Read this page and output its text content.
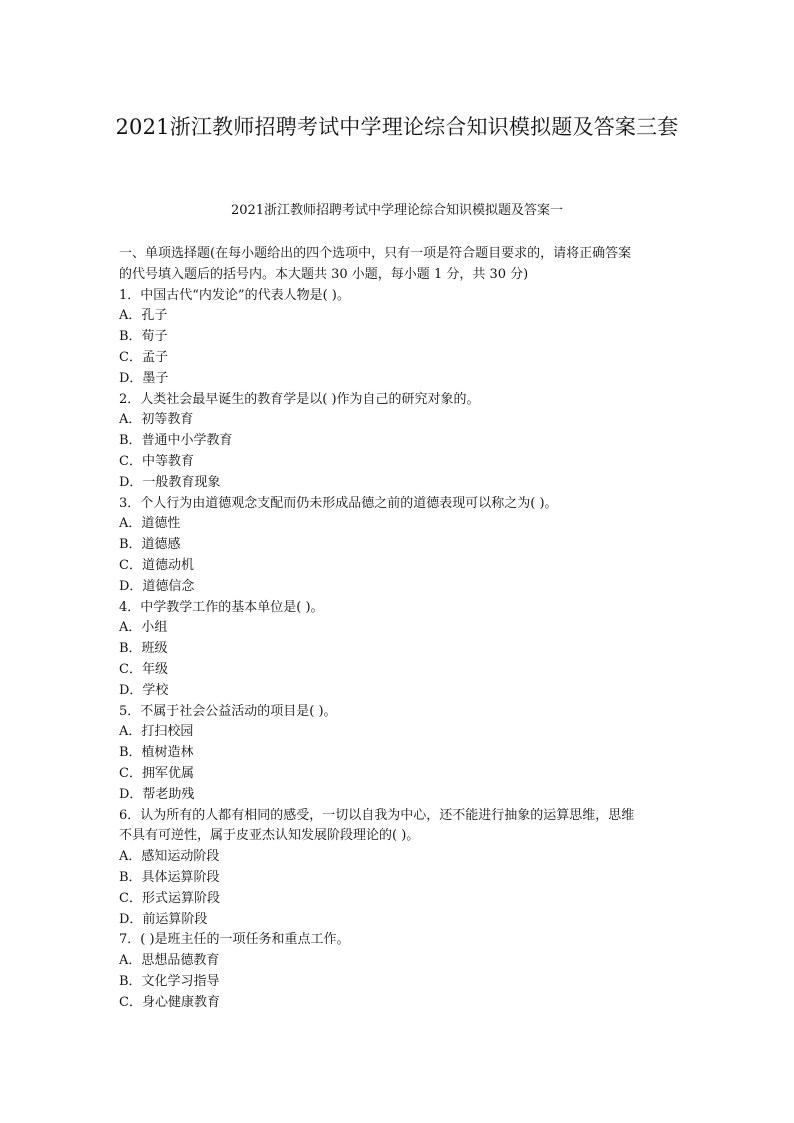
2021浙江教师招聘考试中学理论综合知识模拟题及答案三套
2021浙江教师招聘考试中学理论综合知识模拟题及答案一

一、单项选择题(在每小题给出的四个选项中，只有一项是符合题目要求的，请将正确答案

的代号填入题后的括号内。本大题共 30 小题，每小题 1 分，共 30 分)

1．中国古代“内发论”的代表人物是( )。

A．孔子

B．荀子

C．孟子

D．墨子

2．人类社会最早诞生的教育学是以( )作为自己的研究对象的。

A．初等教育

B．普通中小学教育

C．中等教育

D．一般教育现象

3．个人行为由道德观念支配而仍未形成品德之前的道德表现可以称之为( )。

A．道德性

B．道德感

C．道德动机

D．道德信念

4．中学教学工作的基本单位是( )。

A．小组

B．班级

C．年级

D．学校

5．不属于社会公益活动的项目是( )。

A．打扫校园

B．植树造林

C．拥军优属

D．帮老助残

6．认为所有的人都有相同的感受，一切以自我为中心，还不能进行抽象的运算思维，思维

不具有可逆性，属于皮亚杰认知发展阶段理论的( )。

A．感知运动阶段

B．具体运算阶段

C．形式运算阶段

D．前运算阶段

7．( )是班主任的一项任务和重点工作。

A．思想品德教育

B．文化学习指导

C．身心健康教育
